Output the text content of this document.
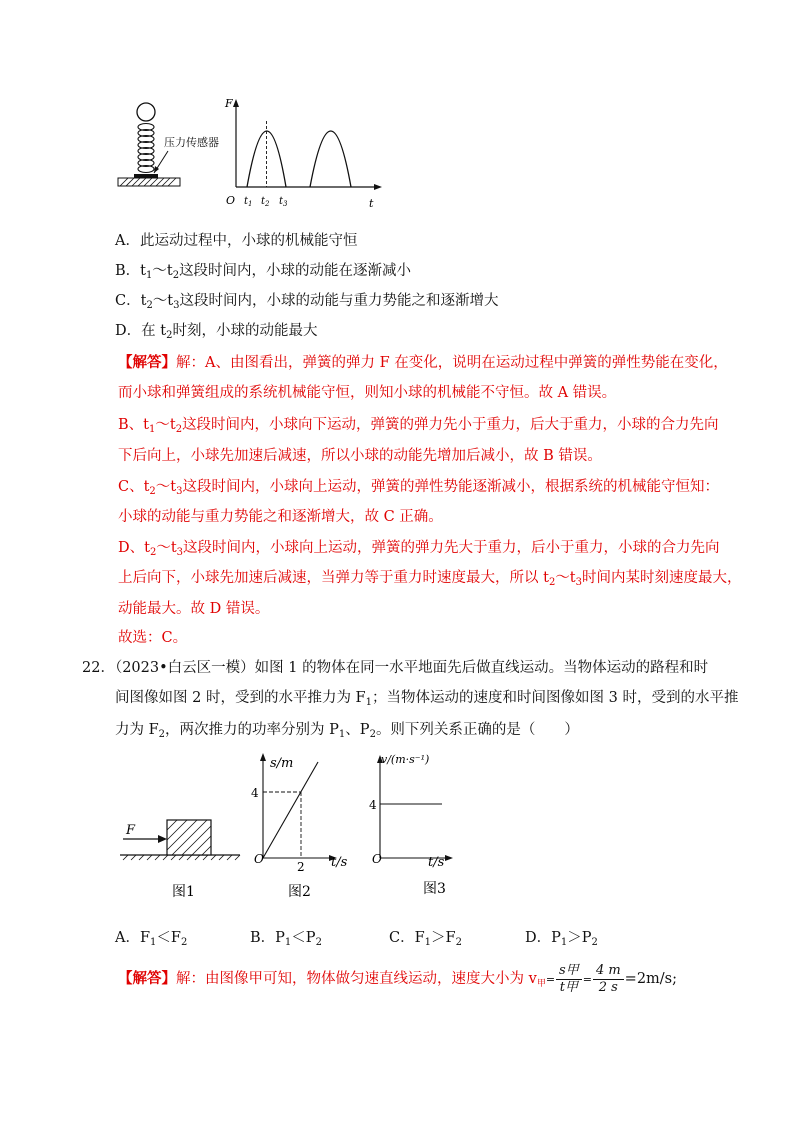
压力传感器
F
t
O $t_1$ $t_2$ $t_3$
A．此运动过程中，小球的机械能守恒
B．$t_1\sim t_2$这段时间内，小球的动能在逐渐减小
C．$t_2\sim t_3$这段时间内，小球的动能与重力势能之和逐渐增大
D．在 $t_2$时刻，小球的动能最大
【解答】解：A、由图看出，弹簧的弹力 F 在变化，说明在运动过程中弹簧的弹性势能在变化，
而小球和弹簧组成的系统机械能守恒，则知小球的机械能不守恒。故 A 错误。
B、$t_1\sim t_2$这段时间内，小球向下运动，弹簧的弹力先小于重力，后大于重力，小球的合力先向
下后向上，小球先加速后减速，所以小球的动能先增加后减小，故 B 错误。
C、$t_2\sim t_3$这段时间内，小球向上运动，弹簧的弹性势能逐渐减小，根据系统的机械能守恒知：
小球的动能与重力势能之和逐渐增大，故 C 正确。
D、$t_2\sim t_3$这段时间内，小球向上运动，弹簧的弹力先大于重力，后小于重力，小球的合力先向
上后向下，小球先加速后减速，当弹力等于重力时速度最大，所以 $t_2\sim t_3$时间内某时刻速度最大，
动能最大。故 D 错误。
故选：C。
22．（2023•白云区一模）如图 1 的物体在同一水平地面先后做直线运动。当物体运动的路程和时
间图像如图 2 时，受到的水平推力为 $F_1$；当物体运动的速度和时间图像如图 3 时，受到的水平推
力为 $F_2$，两次推力的功率分别为 $P_1$、$P_2$。则下列关系正确的是（　　）
F
图1
s/m
t/s
O
4
2
图2
v/(m·s⁻¹)
t/s
O
4
图3
A．$F_1<F_2$	B．$P_1<P_2$	C．$F_1>F_2$	D．$P_1>P_2$
【解答】解：由图像甲可知，物体做匀速直线运动，速度大小为 $v_甲= \frac{\text{s甲}}{\text{t甲}} = \frac{4 m}{2 s} =2m/s$;
